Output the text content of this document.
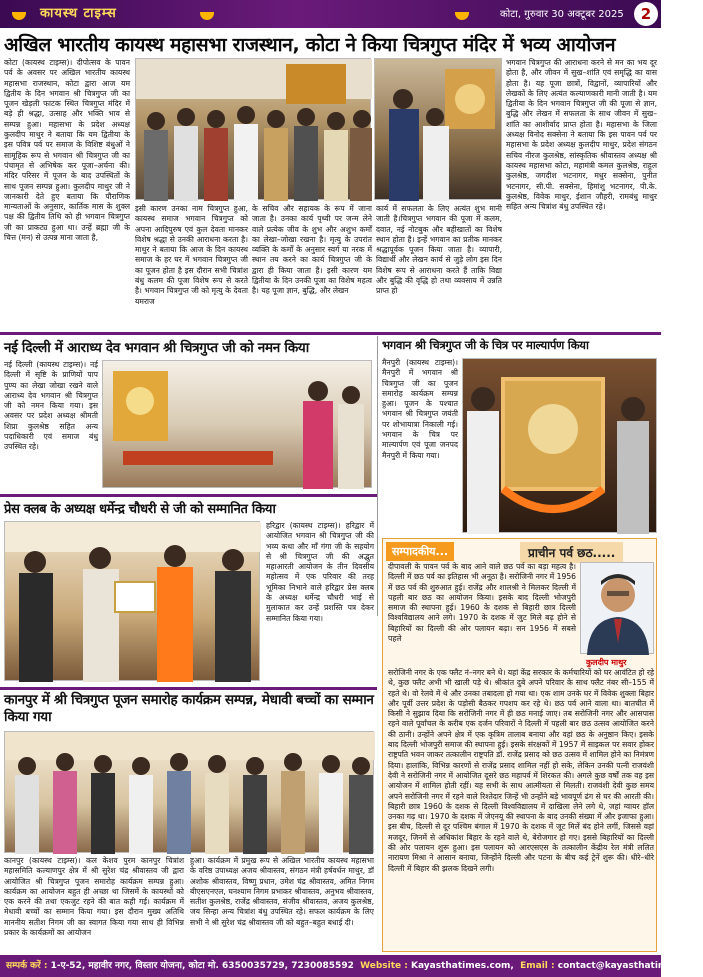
कायस्थ टाइम्स	कोटा, गुरुवार 30 अक्टूबर 2025	2
अखिल भारतीय कायस्थ महासभा राजस्थान, कोटा ने किया चित्रगुप्त मंदिर में भव्य आयोजन
कोटा (कायस्थ टाइम्स)। दीपोत्सव के पावन पर्व के अवसर पर अखिल भारतीय कायस्थ महासभा राजस्थान, कोटा द्वारा आज यम द्वितीय के दिन भगवान श्री चित्रगुप्त जी का पूजन खेड़ली फाटक स्थित चित्रगुप्त मंदिर में बड़े ही श्रद्धा, उत्साह और भक्ति भाव से सम्पन्न हुआ। महासभा के प्रदेश अध्यक्ष कुलदीप माथुर ने बताया कि यम द्वितीया के इस पवित्र पर्व पर समाज के विशिष्ट बंधुओं ने सामूहिक रूप से भगवान श्री चित्रगुप्त जी का पंचामृत से अभिषेक कर पूजा–अर्चना की। मंदिर परिसर में पूजन के बाद उपस्थितों के साथ पूजन सम्पन्न हुआ। कुलदीप माथुर जी ने जानकारी देते हुए बताया कि पौराणिक मान्यताओं के अनुसार, कार्तिक मास के शुक्ल पक्ष की द्वितीय तिथि को ही भगवान चित्रगुप्त जी का प्राकट्य हुआ था। उन्हें ब्रह्मा जी के चित्त (मन) से उत्पन्न माना जाता है,
इसी कारण उनका नाम चित्रगुप्त हुआ, कायस्थ समाज भगवान चित्रगुप्त को अपना आदिपुरुष एवं कुल देवता मानकर विशेष श्रद्धा से उनकी आराधना करता है। माथुर ने बताया कि आज के दिन कायस्थ समाज के हर घर में भगवान चित्रगुप्त जी का पूजन होता है इस दौरान सभी चित्रांश बंधु कलम की पूजा विशेष रूप से करते है। भगवान चित्रगुप्त जी को मृत्यु के देवता यमराज
के सचिव और सहायक के रूप में जाना जाता है। उनका कार्य पृथ्वी पर जन्म लेने वाले प्रत्येक जीव के शुभ और अशुभ कर्मों का लेखा–जोखा रखना है। मृत्यु के उपरांत व्यक्ति के कर्मों के अनुसार स्वर्ग या नरक में स्थान तय करने का कार्य चित्रगुप्त जी के द्वारा ही किया जाता है। इसी कारण यम द्वितीया के दिन उनकी पूजा का विशेष महत्व है। यह पूजा ज्ञान, बुद्धि, और लेखन
कार्य में सफलता के लिए अत्यंत शुभ मानी जाती है।चित्रगुप्त भगवान की पूजा में कलम, दवात, नई नोटबुक और बहीखातों का विशेष स्थान होता है। इन्हें भगवान का प्रतीक मानकर श्रद्धापूर्वक पूजन किया जाता है। व्यापारी, विद्यार्थी और लेखन कार्य से जुड़े लोग इस दिन विशेष रूप से आराधना करते हैं ताकि विद्या और बुद्धि की वृद्धि हो तथा व्यवसाय में उन्नति प्राप्त हो
भगवान चित्रगुप्त की आराधना करने से मन का भय दूर होता है, और जीवन में सुख–शांति एवं समृद्धि का वास होता है। यह पूजा छात्रों, विद्वानों, व्यापारियों और लेखकों के लिए अत्यंत कल्याणकारी मानी जाती है। यम द्वितीया के दिन भगवान चित्रगुप्त जी की पूजा से ज्ञान, बुद्धि और लेखन में सफलता के साथ जीवन में सुख–शांति का आशीर्वाद प्राप्त होता है। महासभा के जिला अध्यक्ष विनोद सक्सेना ने बताया कि इस पावन पर्व पर महासभा के प्रदेश अध्यक्ष कुलदीप माथुर, प्रदेश संगठन सचिव नीरज कुलश्रेष्ठ, सांस्कृतिक श्रीवास्तव अध्यक्ष श्री कायस्थ महासभा कोटा, महामंत्री कमल कुलश्रेष्ठ, राहुल कुलश्रेष्ठ, जगदीश भटनागर, मधुर सक्सेना, पुनीत भटनागर, सी.पी. सक्सेना, हिमांशु भटनागर, पी.के. कुलश्रेष्ठ, विवेक माथुर, ईशान जौहरी, रामबंधु माथुर सहित अन्य चित्रांश बंधु उपस्थित रहे।
नई दिल्ली में आराध्य देव भगवान श्री चित्रगुप्त जी को नमन किया
नई दिल्ली (कायस्थ टाइम्स)। नई दिल्ली में सृष्टि के प्राणियों पाप पुण्य का लेखा जोखा रखने वाले आराध्य देव भगवान श्री चित्रगुप्त जी को नमन किया गया। इस अवसर पर प्रदेश अध्यक्ष श्रीमती शिप्रा कुलश्रेष्ठ सहित अन्य पदाधिकारी एवं समाज बंधु उपस्थित रहे।
भगवान श्री चित्रगुप्त जी के चित्र पर माल्यार्पण किया
मैनपुरी (कायस्थ टाइम्स)। मैनपुरी में भगवान श्री चित्रगुप्त जी का पूजन समारोह कार्यक्रम सम्पन्न हुआ। पूजन के पश्चात भगवान श्री चित्रगुप्त जयंती पर शोभायात्रा निकाली गई। भगवान के चित्र पर माल्यार्पण एवं पूजा जनपद मैनपुरी में किया गया।
प्रेस क्लब के अध्यक्ष धर्मेन्द्र चौधरी से जी को सम्मानित किया
हरिद्वार (कायस्थ टाइम्स)। हरिद्वार में आयोजित भगवान श्री चित्रगुप्त जी की भव्य कथा और माँ गंगा जी के सहयोग से श्री चित्रगुप्त जी की अद्भुत महाआरती आयोजन के तीन दिवसीय महोत्सव में एक परिवार की तरह भूमिका निभाने वाले हरिद्वार प्रेस क्लब के अध्यक्ष धर्मेन्द्र चौधरी भाई से मुलाकात कर उन्हें प्रशस्ति पत्र देकर सम्मानित किया गया।
कानपुर में श्री चित्रगुप्त पूजन समारोह कार्यक्रम सम्पन्न, मेधावी बच्चों का सम्मान किया गया
कानपुर (कायस्थ टाइम्स)। कल केशव पुरम कानपुर चित्रांश महासमिति कल्याणपुर क्षेत्र में श्री सुरेश चंद्र श्रीवास्तव जी द्वारा आयोजित श्री चित्रगुप्त पूजन समारोह कार्यक्रम सम्पन्न हुआ। कार्यक्रम का आयोजन बहुत ही अच्छा था जिसमें के कायस्थों को एक करने की तथा एकजुट रहने की बात कही गई। कार्यक्रम में मेधावी बच्चों का सम्मान किया गया। इस दौरान मुख्य अतिथि माननीय सतीश निगम जी का स्वागत किया गया साथ ही विभिन्न प्रकार के कार्यक्रमों का आयोजन
हुआ। कार्यक्रम में प्रमुख रूप से अखिल भारतीय कायस्थ महासभा के वरिष्ठ उपाध्यक्ष अजय श्रीवास्तव, संगठन मंत्री हर्षवर्धन माथुर, डॉ अशोक श्रीवास्तव, विष्णु प्रधान, उमेश चंद्र श्रीवास्तव, अमित निगम बीएसएनएल, घनश्याम निगम प्रभाकर श्रीवास्तव, अनुभव श्रीवास्तव, सतीश कुलश्रेष्ठ, राजेंद्र श्रीवास्तव, संजीव श्रीवास्तव, अजय कुलश्रेष्ठ, जय सिन्हा अन्य चित्रांश बंधु उपस्थित रहे। सफल कार्यक्रम के लिए सभी ने श्री सुरेश चंद्र श्रीवास्तव जी को बहुत–बहुत बधाई दी।
सम्पादकीय...	प्राचीन पर्व छठ.....
दीपावली के पावन पर्व के बाद आने वाले छठ पर्व का बड़ा महत्व है। दिल्ली में छठ पर्व का इतिहास भी अनूठा है। सरोजिनी नगर में 1956 में छठ पर्व की शुरुआत हुई। राजेंद्र और शालश्री ने मिलकर दिल्ली में पहली बार छठ का आयोजन किया। इसके बाद दिल्ली भोजपुरी समाज की स्थापना हुई। 1960 के दशक से बिहारी छात्र दिल्ली विश्वविद्यालय आने लगे। 1970 के दशक में जुट मिले बढ़ होने से बिहारियों का दिल्ली की ओर पलायन बढ़ा। सन 1956 में सबसे पहले
कुलदीप माथुर
सरोजिनी नगर के एक फ्लैट नं–नगर बने थे। यहां केंद्र सरकार के कर्मचारियों को घर आवंटित हो रहे थे, कुछ फ्लैट अभी भी खाली पड़े थे। श्रीकांत दुबे अपने परिवार के साथ फ्लैट नंबर सी–155 में रहते थे। वो रेलवे में थे और उनका तबादला हो गया था। एक शाम उनके घर में विवेक शुक्ला बिहार और पूर्वी उत्तर प्रदेश के पड़ोसी बैठकर गपशप कर रहे थे। छठ पर्व आने वाला था। बातचीत में किसी ने सुझाव दिया कि सरोजिनी नगर में ही छठ मनाई जाए। तब सरोजिनी नगर और आसपास रहने वाले पूर्वांचल के करीब एक दर्जन परिवारों ने दिल्ली में पहली बार छठ उत्सव आयोजित करने की ठानी। उन्होंने अपने क्षेत्र में एक कृत्रिम तालाब बनाया और वहां छठ के अनुष्ठान किए। इसके बाद दिल्ली भोजपुरी समाज की स्थापना हुई। इसके संरक्षकों में 1957 में साइकल पर सवार होकर राष्ट्रपति भवन जाकर तत्कालीन राष्ट्रपति डॉ. राजेंद्र प्रसाद को छठ उत्सव में शामिल होने का निमंत्रण दिया। हालांकि, विभिन्न कारणों से राजेंद्र प्रसाद शामिल नहीं हो सके, लेकिन उनकी पत्नी राजवंशी देवी ने सरोजिनी नगर में आयोजित दूसरे छठ महापर्व में शिरकत की। अगले कुछ वर्षों तक वह इस आयोजन में शामिल होती रहीं। यह सभी के साथ आत्मीयता से मिलती। राजवंशी देवी कुछ समय अपने सरोजिनी नगर में रहने वाले रिश्तेदार जिन्हें भी उन्होंने बड़े भावपूर्ण ढंग से घर की आरती की। बिहारी छात्र 1960 के दशक से दिल्ली विश्वविद्यालय में दाखिला लेने लगे थे, जहां ग्वायर हॉल उनका गढ़ था। 1970 के दशक में जेएनयू की स्थापना के बाद उनकी संख्या में और इजाफा हुआ। इस बीच, दिल्ली से दूर पश्चिम बंगाल में 1970 के दशक में जूट मिलें बंद होने लगीं, जिससे वहां मजदूर, जिनमें से अधिकांश बिहार के रहने वाले थे, बेरोजगार हो गए। इससे बिहारियों का दिल्ली की ओर पलायन शुरू हुआ। इस पलायन को आरएसएस के तत्कालीन केंद्रीय रेल मंत्री ललित नारायण मिश्रा ने आसान बनाया, जिन्होंने दिल्ली और पटना के बीच कई ट्रेनें शुरू की। धीरे–धीरे दिल्ली में बिहार की झलक दिखने लगी।
सम्पर्क करें : 1-ए-52, महावीर नगर, विस्तार योजना, कोटा मो. 6350035729, 7230085592 Website : Kayasthatimes.com, Email : contact@kayasthatimes.com
